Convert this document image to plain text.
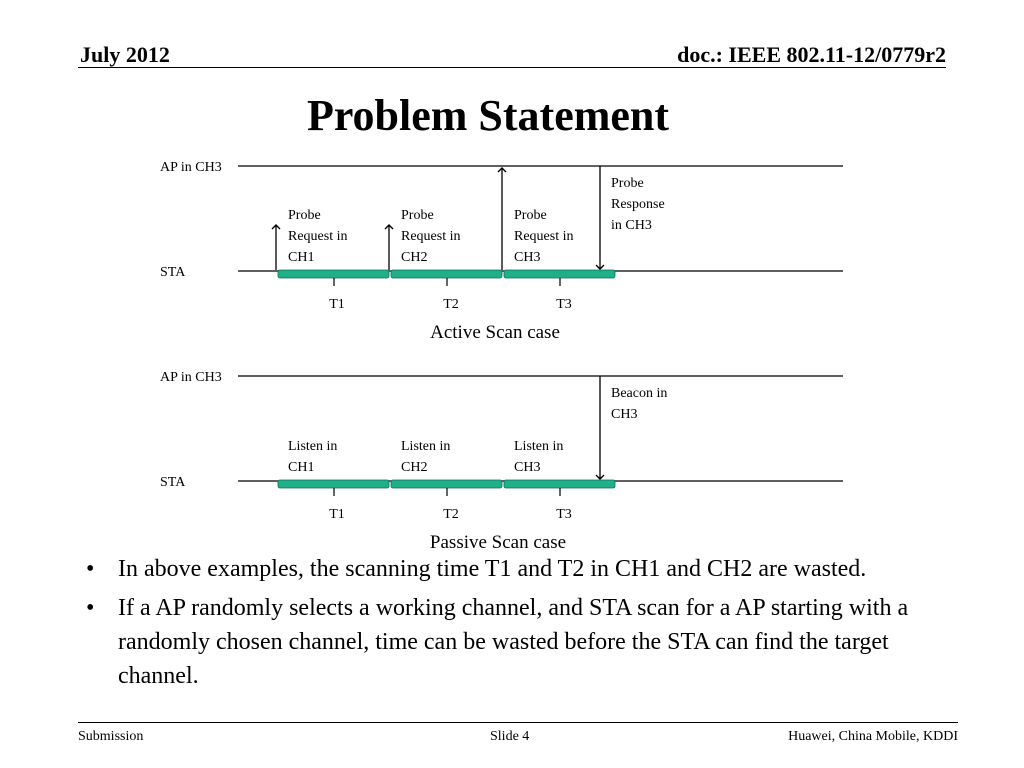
July 2012	doc.: IEEE 802.11-12/0779r2
Problem Statement
AP in CH3
STA
Probe Request in CH1
Probe Request in CH2
Probe Request in CH3
Probe Response in CH3
T1	T2	T3
Active Scan case
AP in CH3
STA
Listen in CH1
Listen in CH2
Listen in CH3
Beacon in CH3
T1	T2	T3
Passive Scan case
• In above examples, the scanning time T1 and T2 in CH1 and CH2 are wasted.
• If a AP randomly selects a working channel, and STA scan for a AP starting with a randomly chosen channel, time can be wasted before the STA can find the target channel.
Submission	Slide 4	Huawei, China Mobile, KDDI
